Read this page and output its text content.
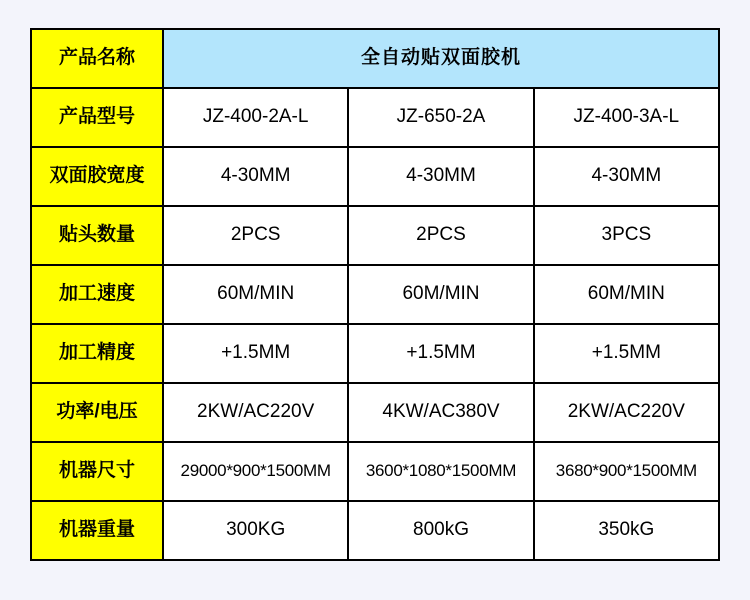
产品名称	全自动贴双面胶机		
产品型号	JZ-400-2A-L	JZ-650-2A	JZ-400-3A-L
双面胶宽度	4-30MM	4-30MM	4-30MM
贴头数量	2PCS	2PCS	3PCS
加工速度	60M/MIN	60M/MIN	60M/MIN
加工精度	+1.5MM	+1.5MM	+1.5MM
功率/电压	2KW/AC220V	4KW/AC380V	2KW/AC220V
机器尺寸	29000*900*1500MM	3600*1080*1500MM	3680*900*1500MM
机器重量	300KG	800kG	350kG
